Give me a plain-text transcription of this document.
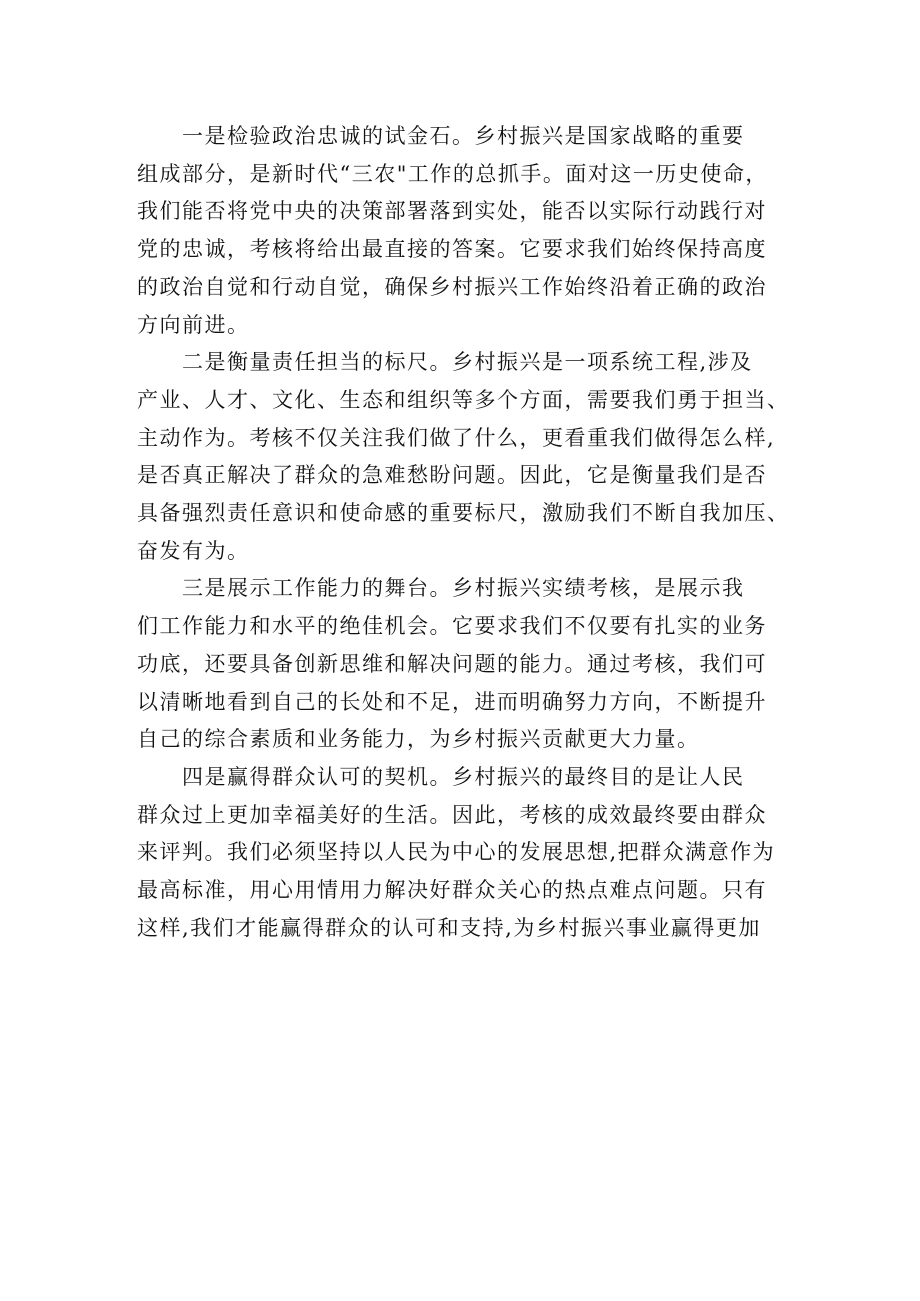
　　一是检验政治忠诚的试金石。乡村振兴是国家战略的重要
组成部分，是新时代“三农"工作的总抓手。面对这一历史使命，
我们能否将党中央的决策部署落到实处，能否以实际行动践行对
党的忠诚，考核将给出最直接的答案。它要求我们始终保持高度
的政治自觉和行动自觉，确保乡村振兴工作始终沿着正确的政治
方向前进。

　　二是衡量责任担当的标尺。乡村振兴是一项系统工程,涉及
产业、人才、文化、生态和组织等多个方面，需要我们勇于担当、
主动作为。考核不仅关注我们做了什么，更看重我们做得怎么样,
是否真正解决了群众的急难愁盼问题。因此，它是衡量我们是否
具备强烈责任意识和使命感的重要标尺，激励我们不断自我加压、
奋发有为。

　　三是展示工作能力的舞台。乡村振兴实绩考核，是展示我
们工作能力和水平的绝佳机会。它要求我们不仅要有扎实的业务
功底，还要具备创新思维和解决问题的能力。通过考核，我们可
以清晰地看到自己的长处和不足，进而明确努力方向，不断提升
自己的综合素质和业务能力，为乡村振兴贡献更大力量。

　　四是赢得群众认可的契机。乡村振兴的最终目的是让人民
群众过上更加幸福美好的生活。因此，考核的成效最终要由群众
来评判。我们必须坚持以人民为中心的发展思想,把群众满意作为
最高标准，用心用情用力解决好群众关心的热点难点问题。只有
这样,我们才能赢得群众的认可和支持,为乡村振兴事业赢得更加
